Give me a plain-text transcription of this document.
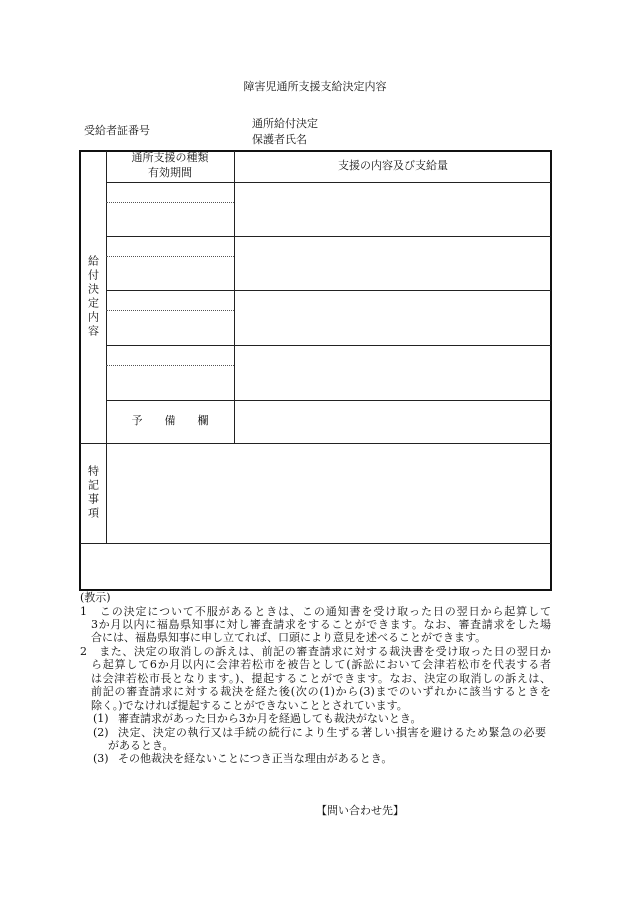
障害児通所支援支給決定内容
受給者証番号
通所給付決定
保護者氏名
通所支援の種類
有効期間
支援の内容及び支給量
給付決定内容
特記事項
予　　備　　欄
(教示)
1　この決定について不服があるときは、この通知書を受け取った日の翌日から起算して
3か月以内に福島県知事に対し審査請求をすることができます。なお、審査請求をした場
合には、福島県知事に申し立てれば、口頭により意見を述べることができます。
2　また、決定の取消しの訴えは、前記の審査請求に対する裁決書を受け取った日の翌日か
ら起算して6か月以内に会津若松市を被告として(訴訟において会津若松市を代表する者
は会津若松市長となります。)、提起することができます。なお、決定の取消しの訴えは、
前記の審査請求に対する裁決を経た後(次の(1)から(3)までのいずれかに該当するときを
除く。)でなければ提起することができないこととされています。
(1) 審査請求があった日から3か月を経過しても裁決がないとき。
(2) 決定、決定の執行又は手続の続行により生ずる著しい損害を避けるため緊急の必要
があるとき。
(3) その他裁決を経ないことにつき正当な理由があるとき。
【問い合わせ先】
